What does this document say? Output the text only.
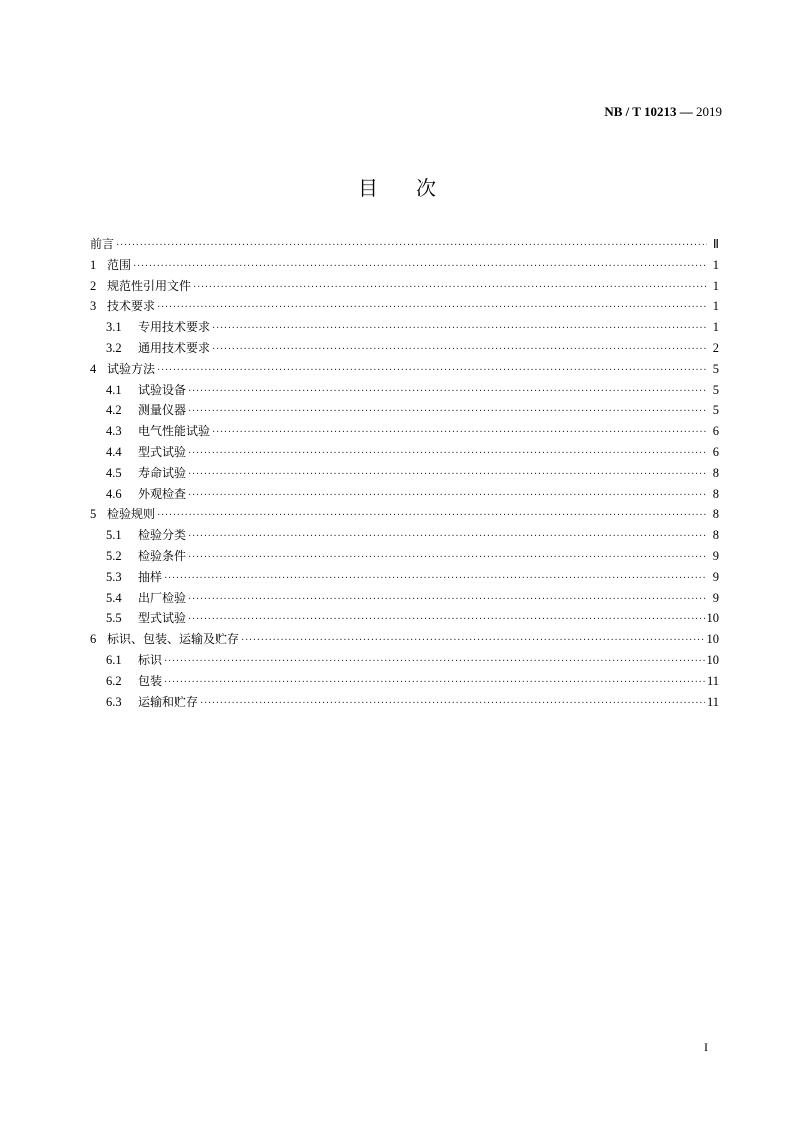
NB / T 10213 — 2019
目次
前言 ·····	Ⅱ
1 范围 ·····	1
2 规范性引用文件 ·····	1
3 技术要求 ·····	1
3.1	专用技术要求 ·····	1
3.2	通用技术要求 ·····	2
4 试验方法 ·····	5
4.1	试验设备 ·····	5
4.2	测量仪器 ·····	5
4.3	电气性能试验 ·····	6
4.4	型式试验 ·····	6
4.5	寿命试验 ·····	8
4.6	外观检查 ·····	8
5 检验规则 ·····	8
5.1	检验分类 ·····	8
5.2	检验条件 ·····	9
5.3	抽样 ·····	9
5.4	出厂检验 ·····	9
5.5	型式试验 ·····	10
6 标识、包装、运输及贮存 ·····	10
6.1	标识 ·····	10
6.2	包装 ·····	11
6.3	运输和贮存 ·····	11
I
